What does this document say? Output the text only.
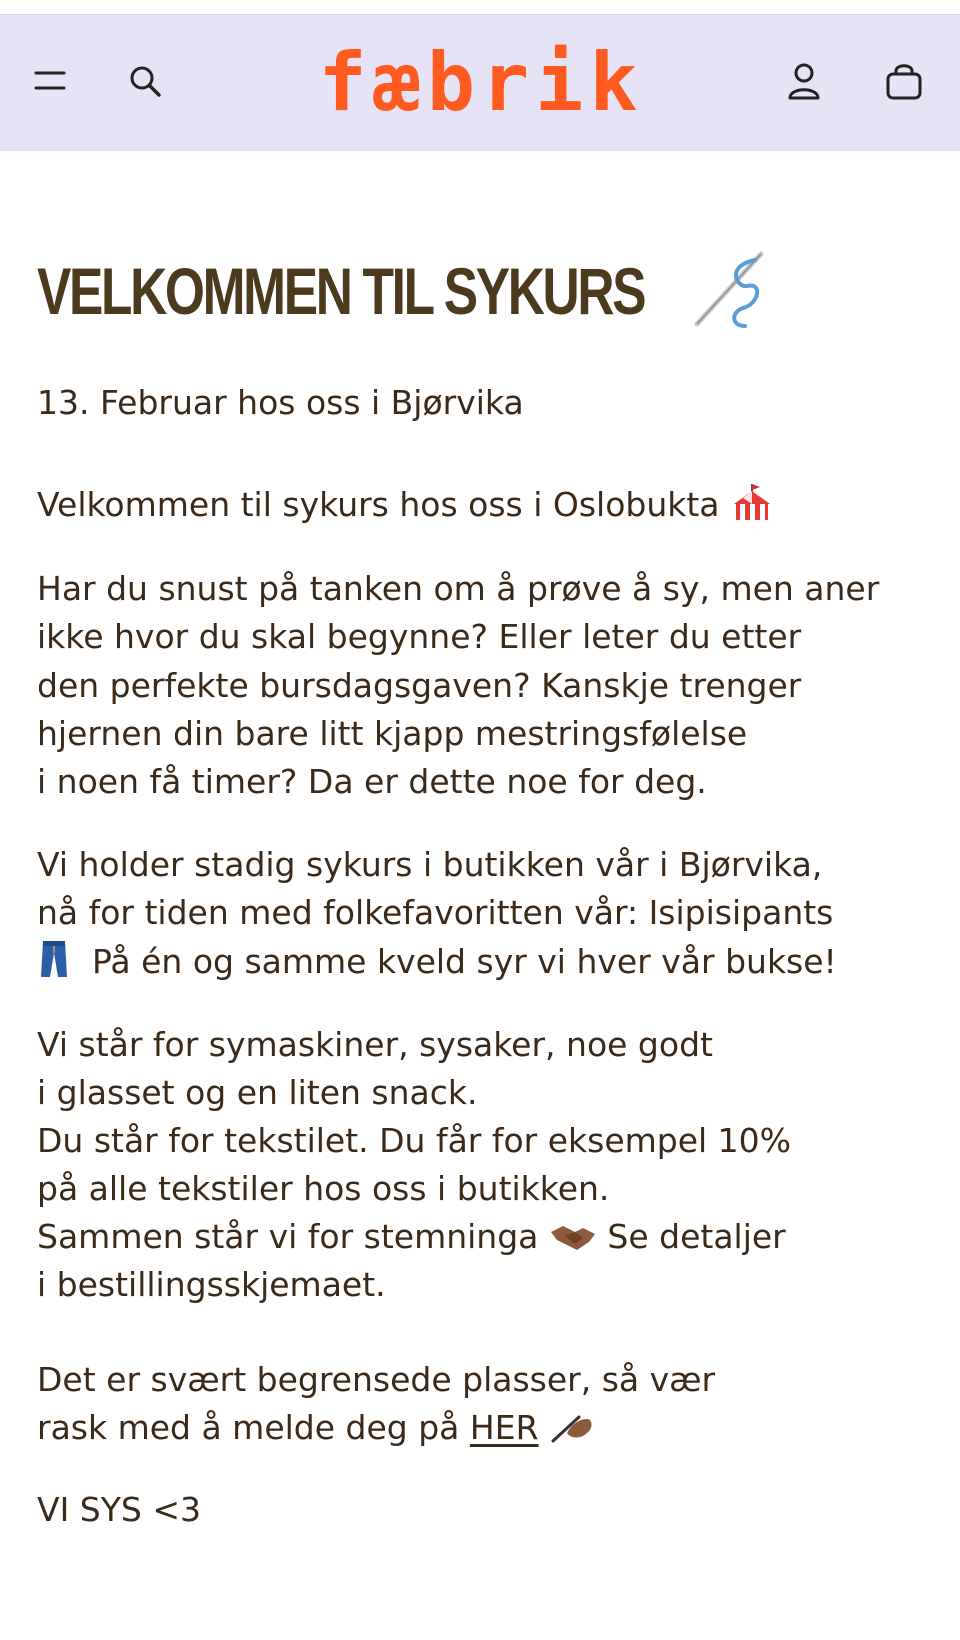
fæbrik
VELKOMMEN TIL SYKURS

13. Februar hos oss i Bjørvika

Velkommen til sykurs hos oss i Oslobukta

Har du snust på tanken om å prøve å sy, men aner

ikke hvor du skal begynne? Eller leter du etter

den perfekte bursdagsgaven? Kanskje trenger

hjernen din bare litt kjapp mestringsfølelse

i noen få timer? Da er dette noe for deg.

Vi holder stadig sykurs i butikken vår i Bjørvika,

nå for tiden med folkefavoritten vår: Isipisipants

På én og samme kveld syr vi hver vår bukse!

Vi står for symaskiner, sysaker, noe godt

i glasset og en liten snack.

Du står for tekstilet. Du får for eksempel 10%

på alle tekstiler hos oss i butikken.

Sammen står vi for stemninga Se detaljer

i bestillingsskjemaet.

Det er svært begrensede plasser, så vær

rask med å melde deg på HER

VI SYS <3
